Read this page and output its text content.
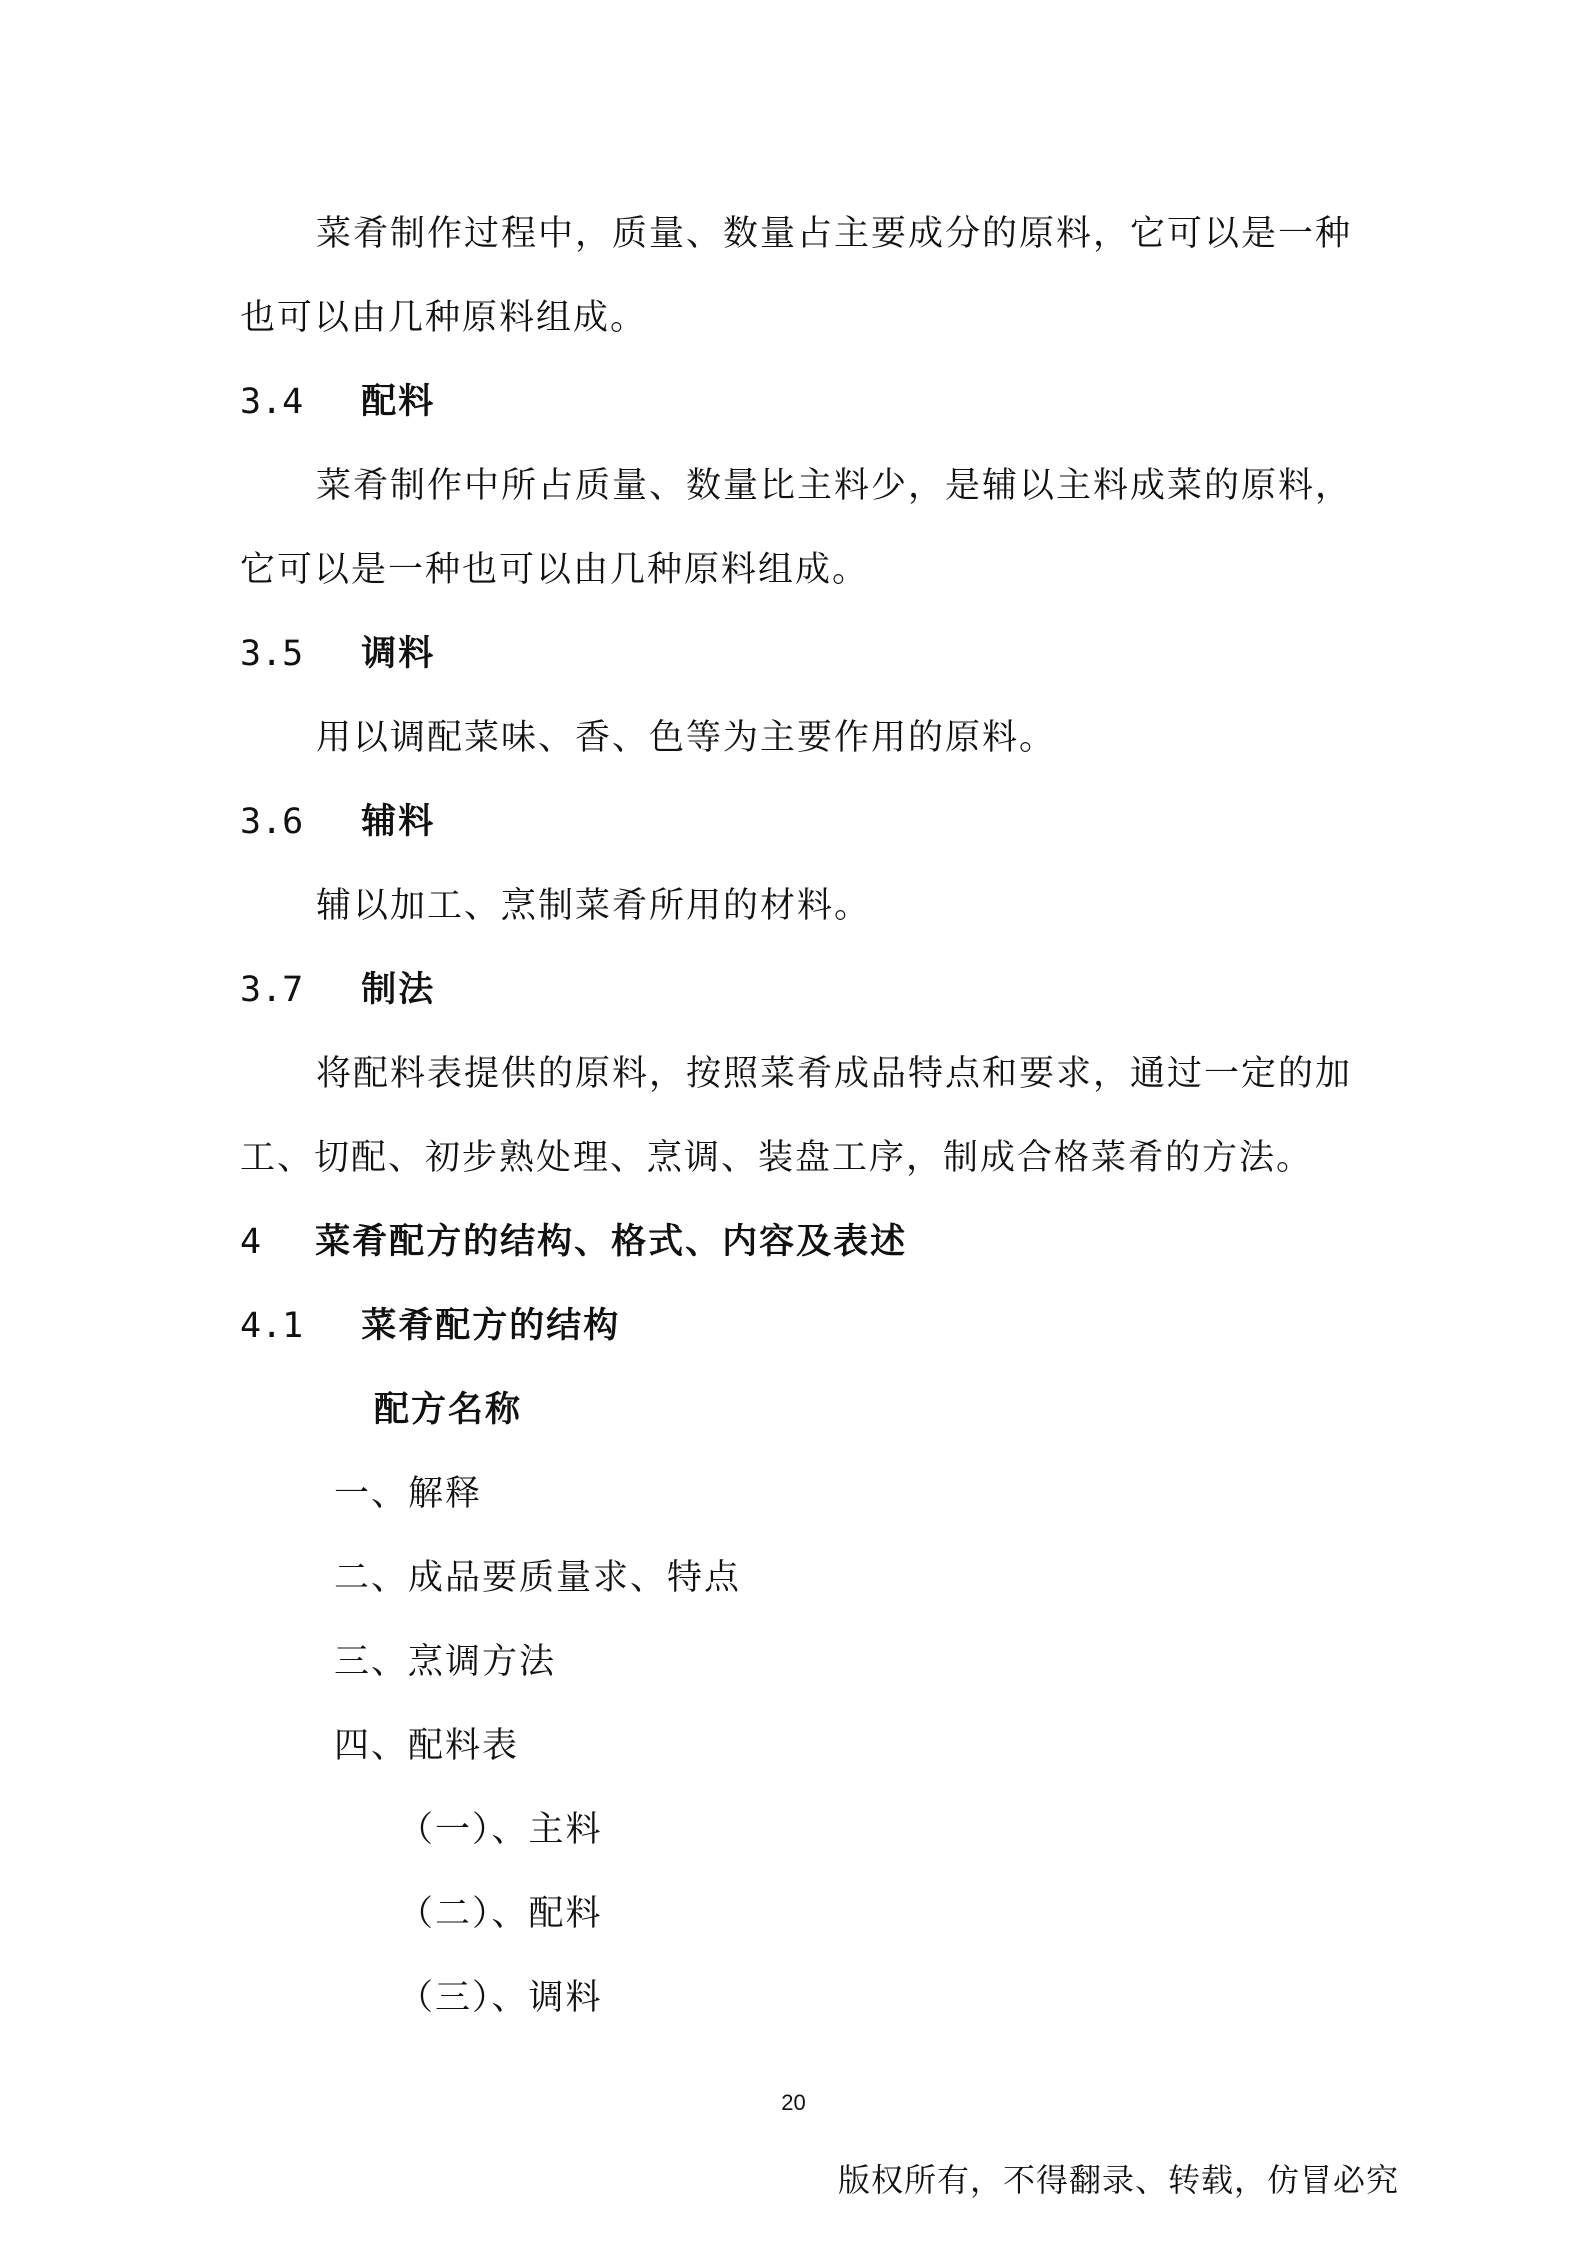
菜肴制作过程中，质量、数量占主要成分的原料，它可以是一种
也可以由几种原料组成。
3.4 配料
菜肴制作中所占质量、数量比主料少，是辅以主料成菜的原料，
它可以是一种也可以由几种原料组成。
3.5 调料
用以调配菜味、香、色等为主要作用的原料。
3.6 辅料
辅以加工、烹制菜肴所用的材料。
3.7 制法
将配料表提供的原料，按照菜肴成品特点和要求，通过一定的加
工、切配、初步熟处理、烹调、装盘工序，制成合格菜肴的方法。
4 菜肴配方的结构、格式、内容及表述
4.1 菜肴配方的结构
配方名称
一、解释
二、成品要质量求、特点
三、烹调方法
四、配料表
（一）、主料
（二）、配料
（三）、调料
20
版权所有，不得翻录、转载，仿冒必究
